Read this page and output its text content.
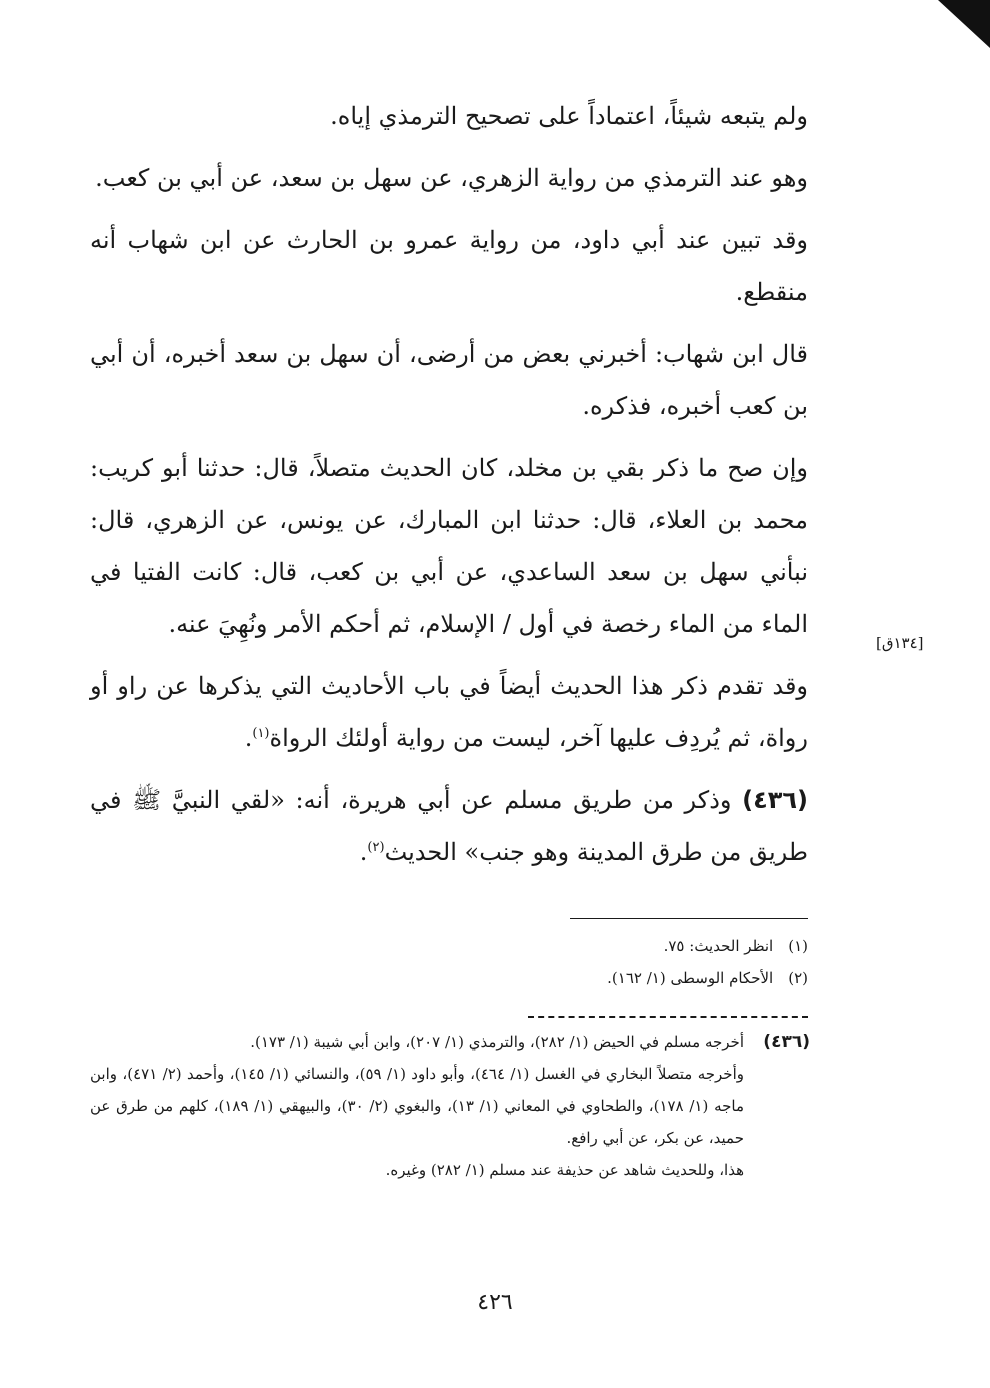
ولم يتبعه شيئاً، اعتماداً على تصحيح الترمذي إياه.

وهو عند الترمذي من رواية الزهري، عن سهل بن سعد، عن أبي بن كعب.

وقد تبين عند أبي داود، من رواية عمرو بن الحارث عن ابن شهاب أنه منقطع.

قال ابن شهاب: أخبرني بعض من أرضى، أن سهل بن سعد أخبره، أن أبي بن كعب أخبره، فذكره.

وإن صح ما ذكر بقي بن مخلد، كان الحديث متصلاً، قال: حدثنا أبو كريب: محمد بن العلاء، قال: حدثنا ابن المبارك، عن يونس، عن الزهري، قال: نبأني سهل بن سعد الساعدي، عن أبي بن كعب، قال: كانت الفتيا في الماء من الماء رخصة في أول / الإسلام، ثم أحكم الأمر ونُهِيَ عنه.

وقد تقدم ذكر هذا الحديث أيضاً في باب الأحاديث التي يذكرها عن راو أو رواة، ثم يُردِف عليها آخر، ليست من رواية أولئك الرواة$^{(١)}$.

(٤٣٦) وذكر من طريق مسلم عن أبي هريرة، أنه: «لقي النبيَّ ﷺ في طريق من طرق المدينة وهو جنب» الحديث$^{(٢)}$.

[١٣٤ق]
(١) انظر الحديث: ٧٥.
(٢) الأحكام الوسطى (١/ ١٦٢).
(٤٣٦)
أخرجه مسلم في الحيض (١/ ٢٨٢)، والترمذي (١/ ٢٠٧)، وابن أبي شيبة (١/ ١٧٣).
وأخرجه متصلاً البخاري في الغسل (١/ ٤٦٤)، وأبو داود (١/ ٥٩)، والنسائي (١/ ١٤٥)، وأحمد (٢/ ٤٧١)، وابن ماجه (١/ ١٧٨)، والطحاوي في المعاني (١/ ١٣)، والبغوي (٢/ ٣٠)، والبيهقي (١/ ١٨٩)، كلهم من طرق عن حميد، عن بكر، عن أبي رافع.
هذا، وللحديث شاهد عن حذيفة عند مسلم (١/ ٢٨٢) وغيره.
٤٢٦
